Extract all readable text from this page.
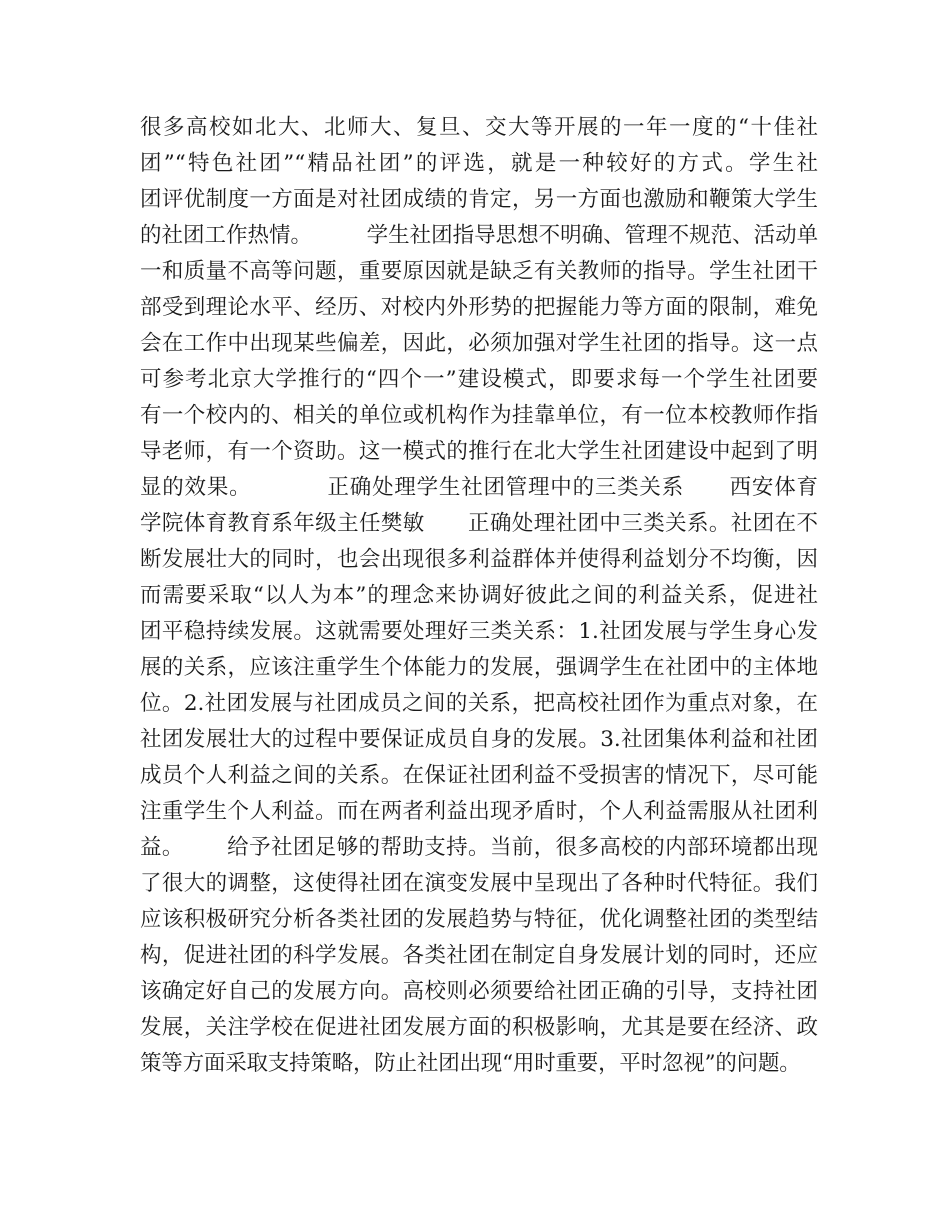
很多高校如北大、北师大、复旦、交大等开展的一年一度的“十佳社
团”“特色社团”“精品社团”的评选，就是一种较好的方式。学生社
团评优制度一方面是对社团成绩的肯定，另一方面也激励和鞭策大学生
的社团工作热情。        学生社团指导思想不明确、管理不规范、活动单
一和质量不高等问题，重要原因就是缺乏有关教师的指导。学生社团干
部受到理论水平、经历、对校内外形势的把握能力等方面的限制，难免
会在工作中出现某些偏差，因此，必须加强对学生社团的指导。这一点
可参考北京大学推行的“四个一”建设模式，即要求每一个学生社团要
有一个校内的、相关的单位或机构作为挂靠单位，有一位本校教师作指
导老师，有一个资助。这一模式的推行在北大学生社团建设中起到了明
显的效果。          正确处理学生社团管理中的三类关系      西安体育
学院体育教育系年级主任樊敏      正确处理社团中三类关系。社团在不
断发展壮大的同时，也会出现很多利益群体并使得利益划分不均衡，因
而需要采取“以人为本”的理念来协调好彼此之间的利益关系，促进社
团平稳持续发展。这就需要处理好三类关系：1.社团发展与学生身心发
展的关系，应该注重学生个体能力的发展，强调学生在社团中的主体地
位。2.社团发展与社团成员之间的关系，把高校社团作为重点对象，在
社团发展壮大的过程中要保证成员自身的发展。3.社团集体利益和社团
成员个人利益之间的关系。在保证社团利益不受损害的情况下，尽可能
注重学生个人利益。而在两者利益出现矛盾时，个人利益需服从社团利
益。      给予社团足够的帮助支持。当前，很多高校的内部环境都出现
了很大的调整，这使得社团在演变发展中呈现出了各种时代特征。我们
应该积极研究分析各类社团的发展趋势与特征，优化调整社团的类型结
构，促进社团的科学发展。各类社团在制定自身发展计划的同时，还应
该确定好自己的发展方向。高校则必须要给社团正确的引导，支持社团
发展，关注学校在促进社团发展方面的积极影响，尤其是要在经济、政
策等方面采取支持策略，防止社团出现“用时重要，平时忽视”的问题。
